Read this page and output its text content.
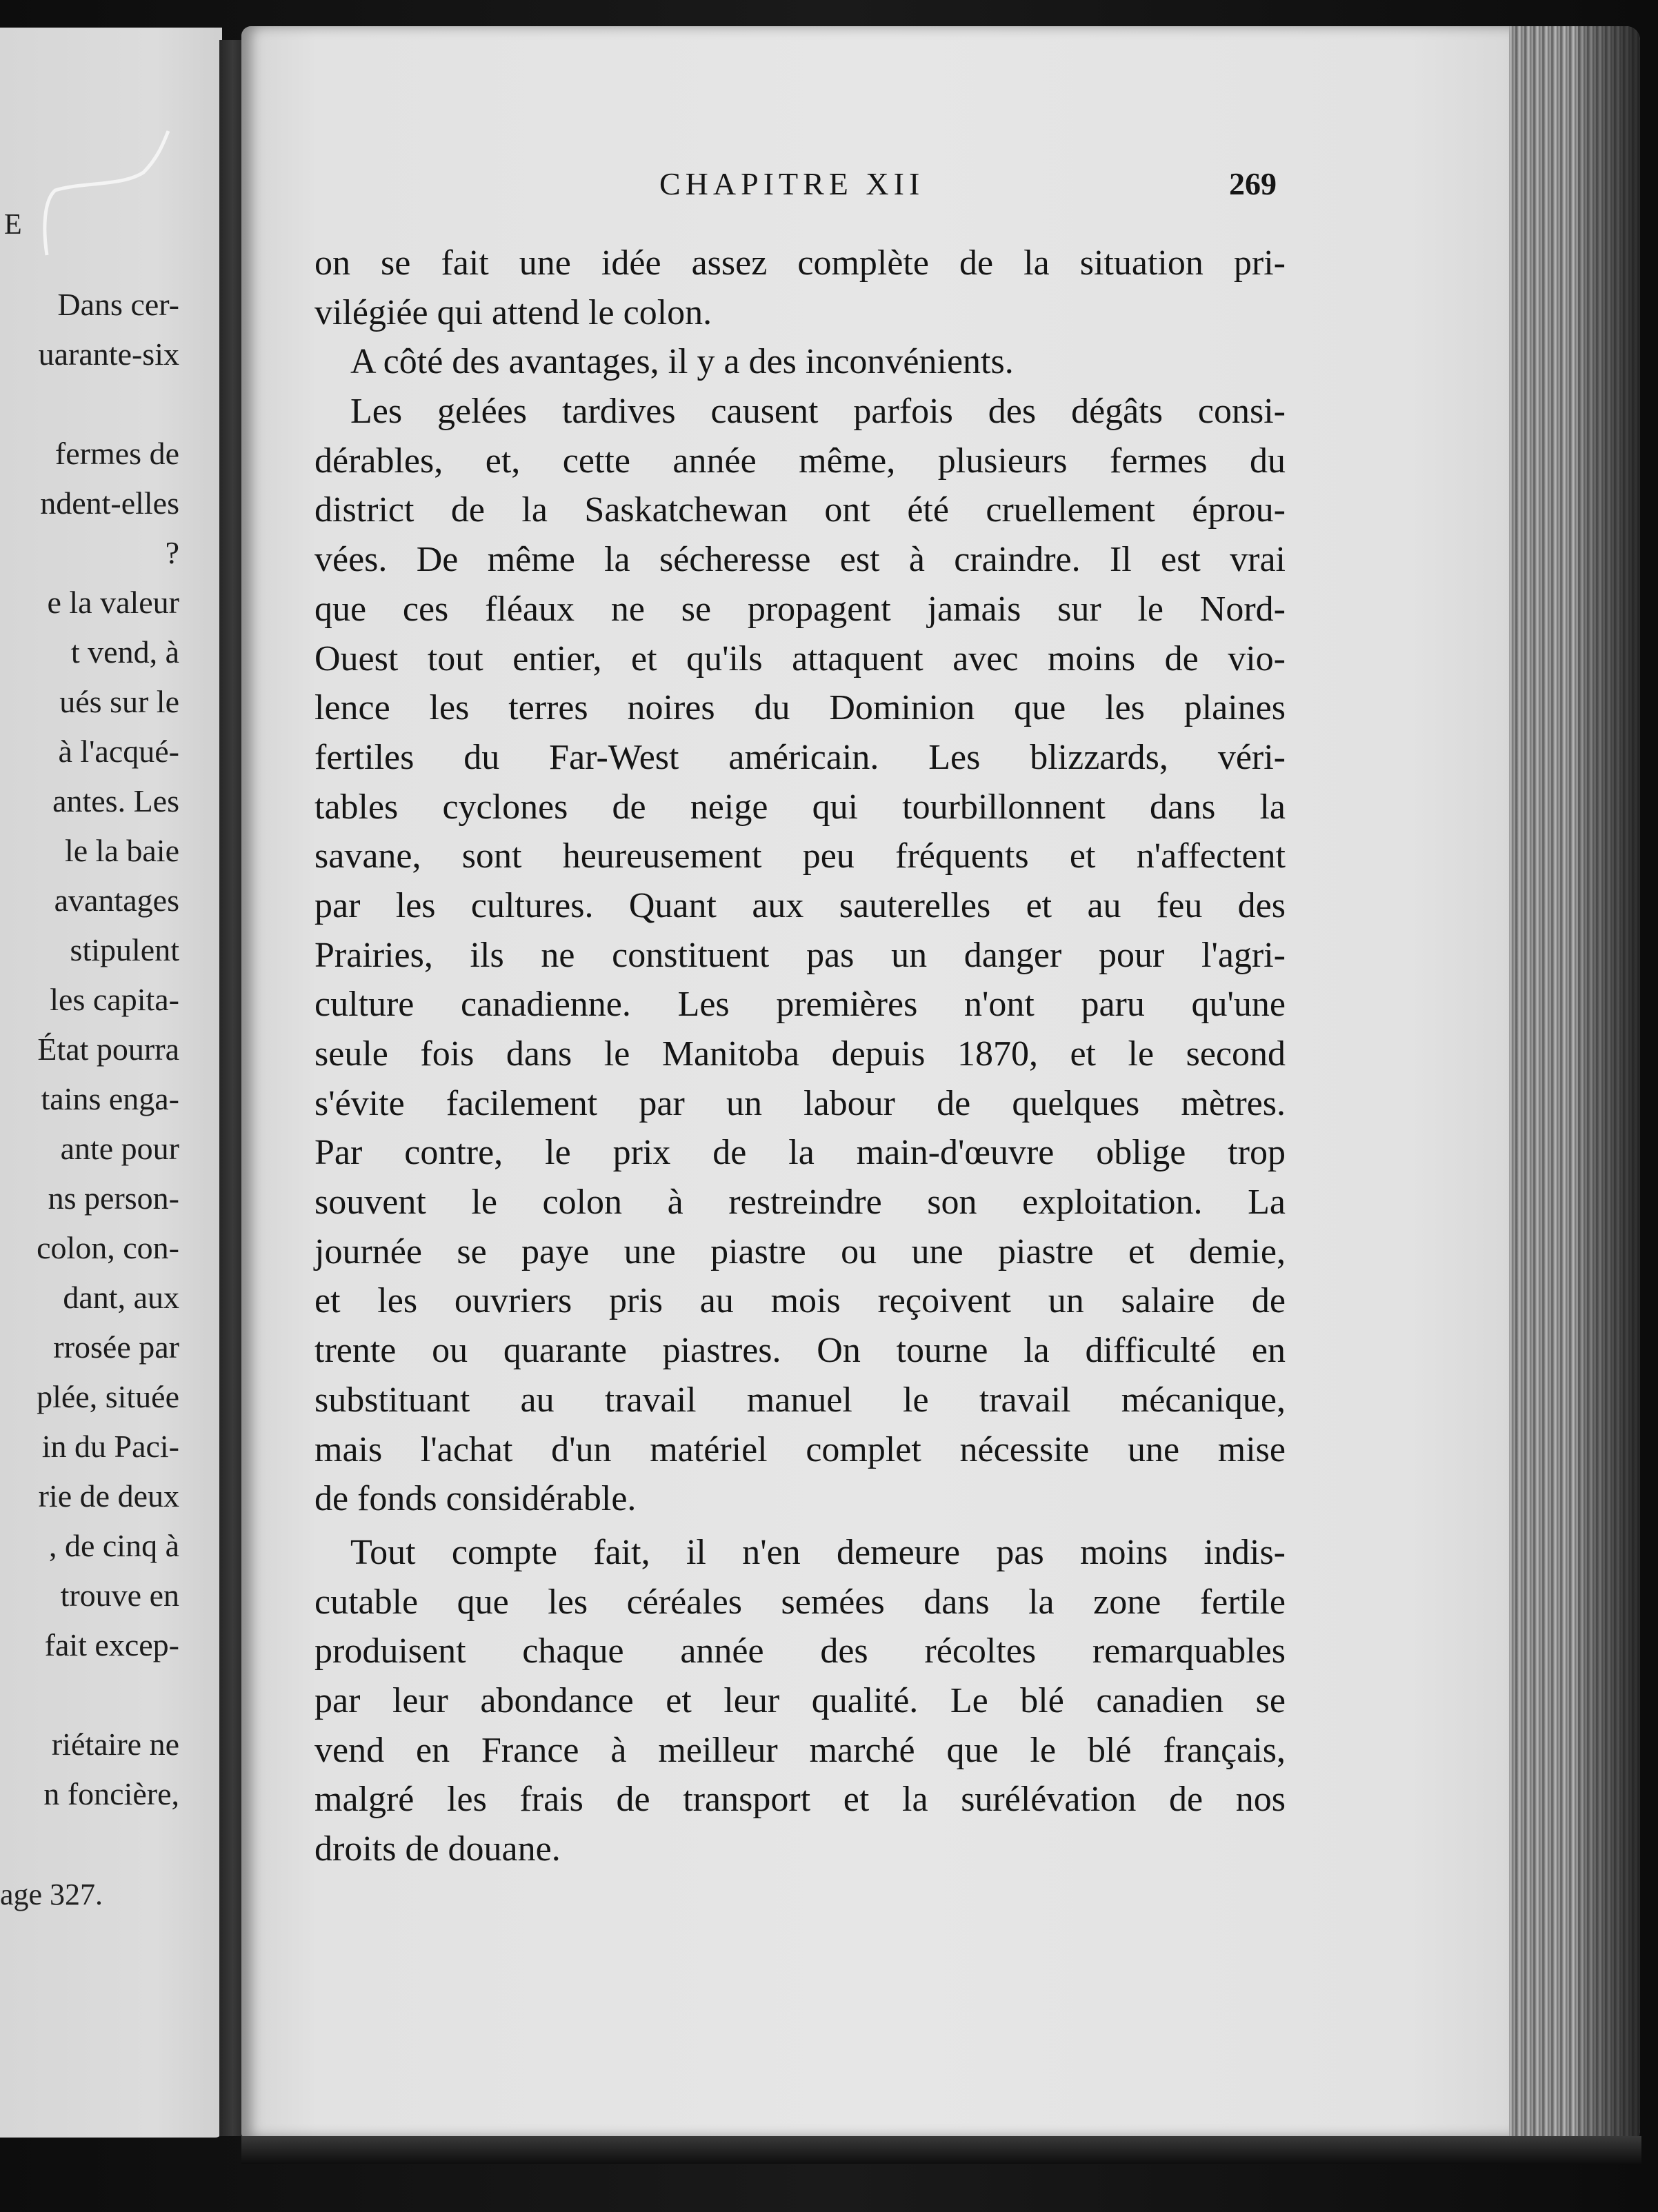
E
Dans cer-
uarante-six
fermes de
ndent-elles
?
e la valeur
t vend, à
ués sur le
à l'acqué-
antes. Les
le la baie
avantages
stipulent
les capita-
État pourra
tains enga-
ante pour
ns person-
colon, con-
dant, aux
rrosée par
plée, située
in du Paci-
rie de deux
, de cinq à
trouve en
fait excep-
riétaire ne
n foncière,
age 327.
CHAPITRE XII	269
on se fait une idée assez complète de la situation pri-
vilégiée qui attend le colon.
A côté des avantages, il y a des inconvénients.
Les gelées tardives causent parfois des dégâts consi-
dérables, et, cette année même, plusieurs fermes du
district de la Saskatchewan ont été cruellement éprou-
vées. De même la sécheresse est à craindre. Il est vrai
que ces fléaux ne se propagent jamais sur le Nord-
Ouest tout entier, et qu'ils attaquent avec moins de vio-
lence les terres noires du Dominion que les plaines
fertiles du Far-West américain. Les blizzards, véri-
tables cyclones de neige qui tourbillonnent dans la
savane, sont heureusement peu fréquents et n'affectent
par les cultures. Quant aux sauterelles et au feu des
Prairies, ils ne constituent pas un danger pour l'agri-
culture canadienne. Les premières n'ont paru qu'une
seule fois dans le Manitoba depuis 1870, et le second
s'évite facilement par un labour de quelques mètres.
Par contre, le prix de la main-d'œuvre oblige trop
souvent le colon à restreindre son exploitation. La
journée se paye une piastre ou une piastre et demie,
et les ouvriers pris au mois reçoivent un salaire de
trente ou quarante piastres. On tourne la difficulté en
substituant au travail manuel le travail mécanique,
mais l'achat d'un matériel complet nécessite une mise
de fonds considérable.
Tout compte fait, il n'en demeure pas moins indis-
cutable que les céréales semées dans la zone fertile
produisent chaque année des récoltes remarquables
par leur abondance et leur qualité. Le blé canadien se
vend en France à meilleur marché que le blé français,
malgré les frais de transport et la surélévation de nos
droits de douane.
